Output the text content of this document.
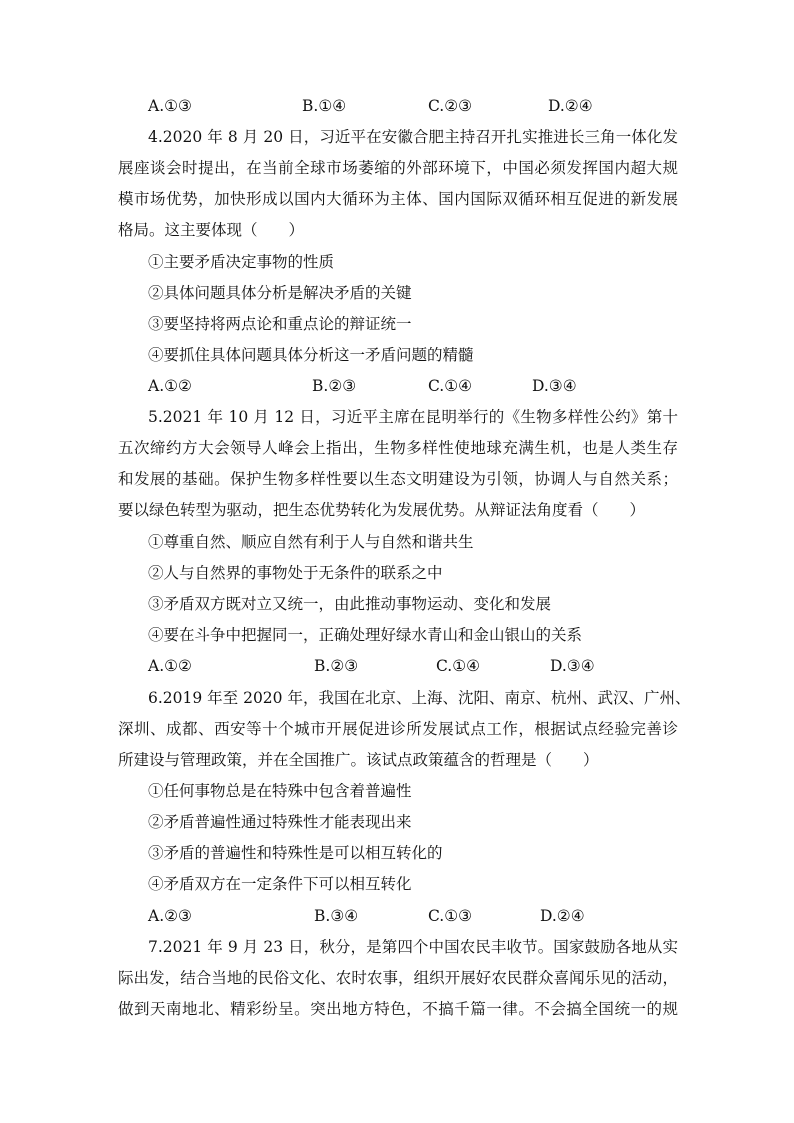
A.①③	B.①④	C.②③	D.②④
4.2020 年 8 月 20 日，习近平在安徽合肥主持召开扎实推进长三角一体化发
展座谈会时提出，在当前全球市场萎缩的外部环境下，中国必须发挥国内超大规
模市场优势，加快形成以国内大循环为主体、国内国际双循环相互促进的新发展
格局。这主要体现（　　）
①主要矛盾决定事物的性质
②具体问题具体分析是解决矛盾的关键
③要坚持将两点论和重点论的辩证统一
④要抓住具体问题具体分析这一矛盾问题的精髓
A.①②	B.②③	C.①④	D.③④
5.2021 年 10 月 12 日，习近平主席在昆明举行的《生物多样性公约》第十
五次缔约方大会领导人峰会上指出，生物多样性使地球充满生机，也是人类生存
和发展的基础。保护生物多样性要以生态文明建设为引领，协调人与自然关系；
要以绿色转型为驱动，把生态优势转化为发展优势。从辩证法角度看（　　）
①尊重自然、顺应自然有利于人与自然和谐共生
②人与自然界的事物处于无条件的联系之中
③矛盾双方既对立又统一，由此推动事物运动、变化和发展
④要在斗争中把握同一，正确处理好绿水青山和金山银山的关系
A.①②	B.②③	C.①④	D.③④
6.2019 年至 2020 年，我国在北京、上海、沈阳、南京、杭州、武汉、广州、
深圳、成都、西安等十个城市开展促进诊所发展试点工作，根据试点经验完善诊
所建设与管理政策，并在全国推广。该试点政策蕴含的哲理是（　　）
①任何事物总是在特殊中包含着普遍性
②矛盾普遍性通过特殊性才能表现出来
③矛盾的普遍性和特殊性是可以相互转化的
④矛盾双方在一定条件下可以相互转化
A.②③	B.③④	C.①③	D.②④
7.2021 年 9 月 23 日，秋分，是第四个中国农民丰收节。国家鼓励各地从实
际出发，结合当地的民俗文化、农时农事，组织开展好农民群众喜闻乐见的活动，
做到天南地北、精彩纷呈。突出地方特色，不搞千篇一律。不会搞全国统一的规
